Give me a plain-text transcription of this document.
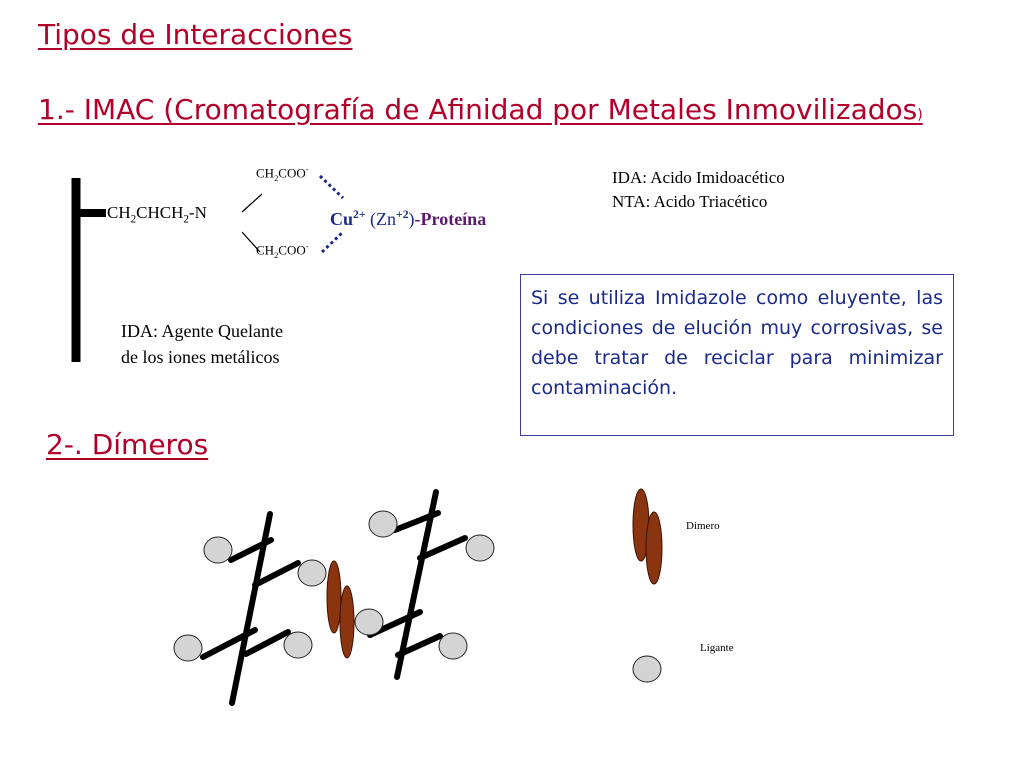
Tipos de Interacciones
1.- IMAC (Cromatografía de Afinidad por Metales Inmovilizados)
2-. Dímeros
$CH_2COO^-$
$CH_2COO^-$
$CH_2CHCH_2-N$	$Cu^{2+}$ $(Zn^{+2})$-Proteína
IDA: Agente Quelante
de los iones metálicos
IDA: Acido Imidoacético
NTA: Acido Triacético
Si se utiliza Imidazole como eluyente, las condiciones de elución muy corrosivas, se debe tratar de reciclar para minimizar contaminación.
Dimero
Ligante
